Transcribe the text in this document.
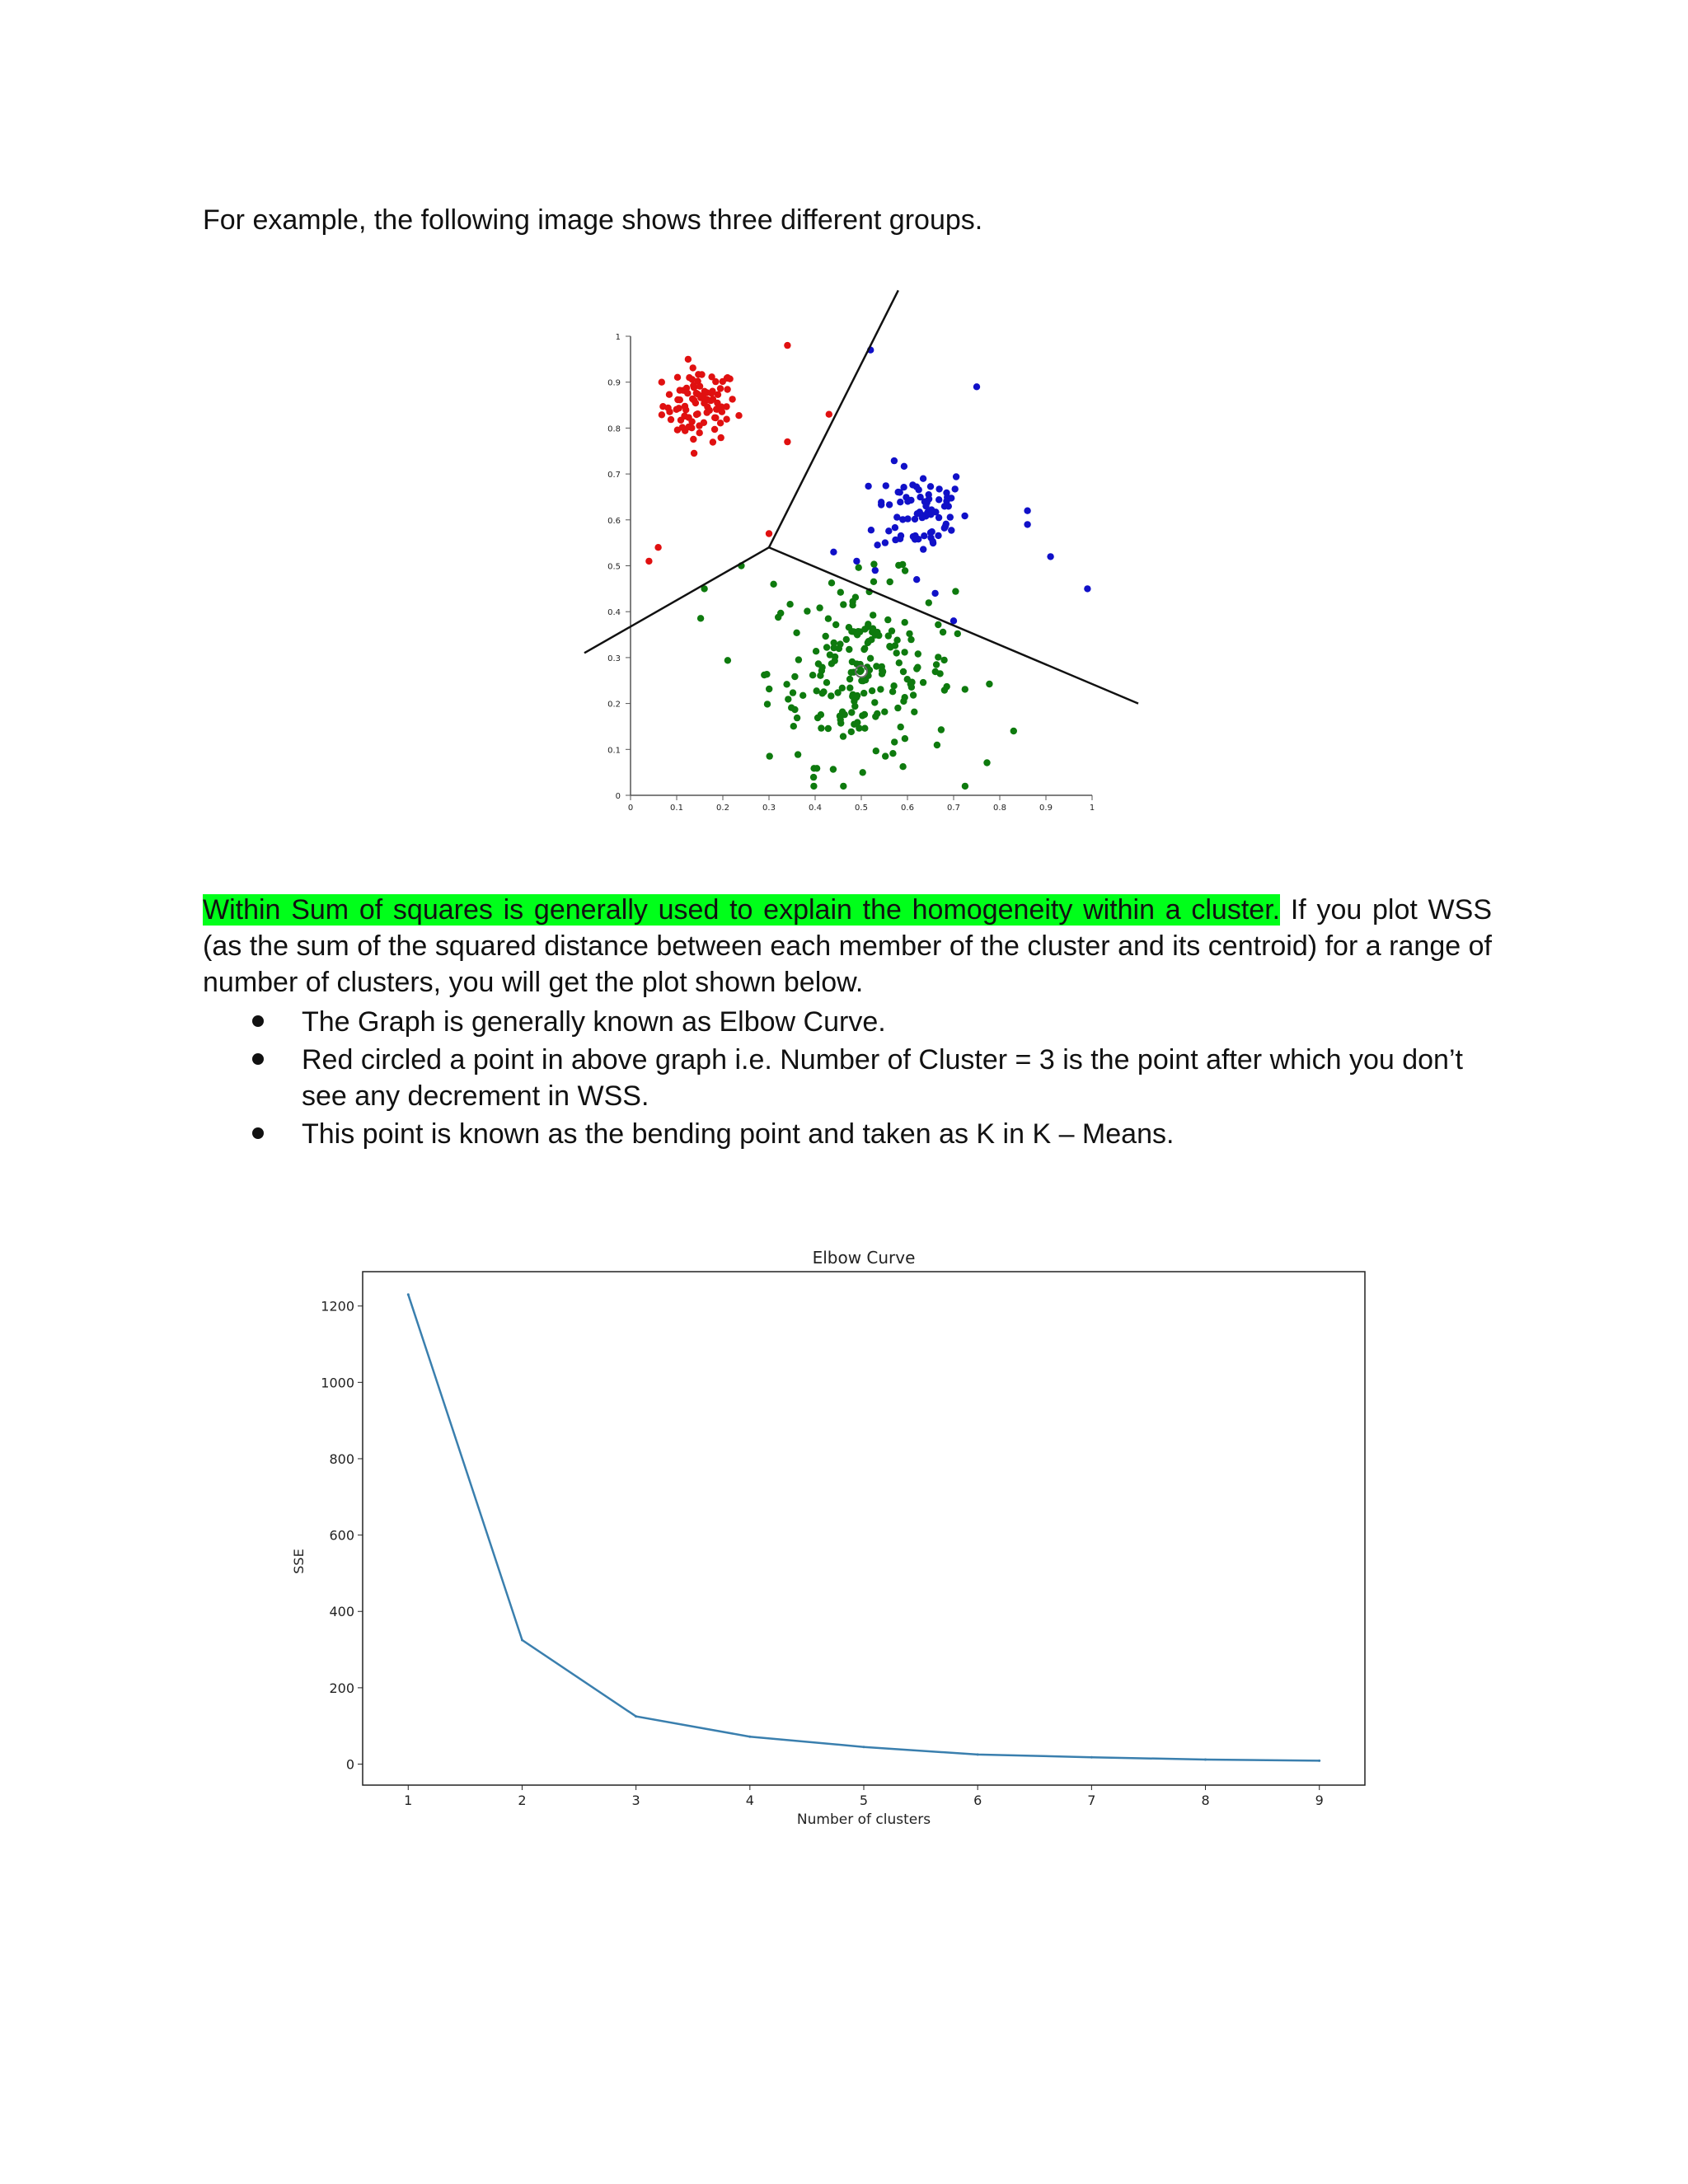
For example, the following image shows three different groups.

0
0.1
0.2
0.3
0.4
0.5
0.6
0.7
0.8
0.9
1
0	0.1	0.2	0.3	0.4	0.5	0.6	0.7	0.8	0.9	1

Within Sum of squares is generally used to explain the homogeneity within a cluster. If you plot WSS (as the sum of the squared distance between each member of the cluster and its centroid) for a range of number of clusters, you will get the plot shown below.

The Graph is generally known as Elbow Curve.
Red circled a point in above graph i.e. Number of Cluster = 3 is the point after which you don’t see any decrement in WSS.
This point is known as the bending point and taken as K in K – Means.
Elbow Curve
0
200
400
600
800
1000
1200
1	2	3	4	5	6	7	8	9
Number of clusters
SSE
